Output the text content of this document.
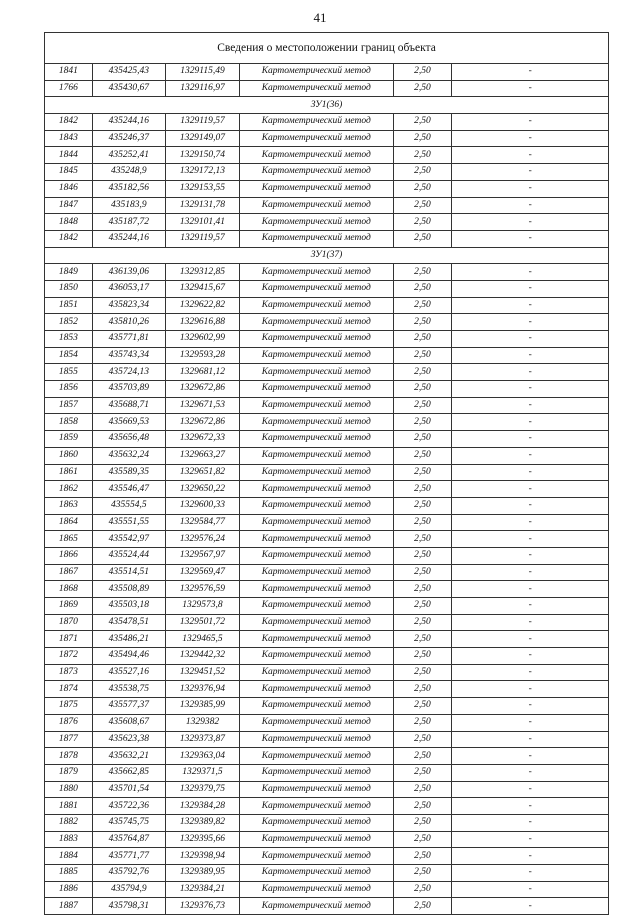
41
Сведения о местоположении границ объекта					
1841	435425,43	1329115,49	Картометрический метод	2,50	-
1766	435430,67	1329116,97	Картометрический метод	2,50	-
ЗУ1(36)					
1842	435244,16	1329119,57	Картометрический метод	2,50	-
1843	435246,37	1329149,07	Картометрический метод	2,50	-
1844	435252,41	1329150,74	Картометрический метод	2,50	-
1845	435248,9	1329172,13	Картометрический метод	2,50	-
1846	435182,56	1329153,55	Картометрический метод	2,50	-
1847	435183,9	1329131,78	Картометрический метод	2,50	-
1848	435187,72	1329101,41	Картометрический метод	2,50	-
1842	435244,16	1329119,57	Картометрический метод	2,50	-
ЗУ1(37)					
1849	436139,06	1329312,85	Картометрический метод	2,50	-
1850	436053,17	1329415,67	Картометрический метод	2,50	-
1851	435823,34	1329622,82	Картометрический метод	2,50	-
1852	435810,26	1329616,88	Картометрический метод	2,50	-
1853	435771,81	1329602,99	Картометрический метод	2,50	-
1854	435743,34	1329593,28	Картометрический метод	2,50	-
1855	435724,13	1329681,12	Картометрический метод	2,50	-
1856	435703,89	1329672,86	Картометрический метод	2,50	-
1857	435688,71	1329671,53	Картометрический метод	2,50	-
1858	435669,53	1329672,86	Картометрический метод	2,50	-
1859	435656,48	1329672,33	Картометрический метод	2,50	-
1860	435632,24	1329663,27	Картометрический метод	2,50	-
1861	435589,35	1329651,82	Картометрический метод	2,50	-
1862	435546,47	1329650,22	Картометрический метод	2,50	-
1863	435554,5	1329600,33	Картометрический метод	2,50	-
1864	435551,55	1329584,77	Картометрический метод	2,50	-
1865	435542,97	1329576,24	Картометрический метод	2,50	-
1866	435524,44	1329567,97	Картометрический метод	2,50	-
1867	435514,51	1329569,47	Картометрический метод	2,50	-
1868	435508,89	1329576,59	Картометрический метод	2,50	-
1869	435503,18	1329573,8	Картометрический метод	2,50	-
1870	435478,51	1329501,72	Картометрический метод	2,50	-
1871	435486,21	1329465,5	Картометрический метод	2,50	-
1872	435494,46	1329442,32	Картометрический метод	2,50	-
1873	435527,16	1329451,52	Картометрический метод	2,50	-
1874	435538,75	1329376,94	Картометрический метод	2,50	-
1875	435577,37	1329385,99	Картометрический метод	2,50	-
1876	435608,67	1329382	Картометрический метод	2,50	-
1877	435623,38	1329373,87	Картометрический метод	2,50	-
1878	435632,21	1329363,04	Картометрический метод	2,50	-
1879	435662,85	1329371,5	Картометрический метод	2,50	-
1880	435701,54	1329379,75	Картометрический метод	2,50	-
1881	435722,36	1329384,28	Картометрический метод	2,50	-
1882	435745,75	1329389,82	Картометрический метод	2,50	-
1883	435764,87	1329395,66	Картометрический метод	2,50	-
1884	435771,77	1329398,94	Картометрический метод	2,50	-
1885	435792,76	1329389,95	Картометрический метод	2,50	-
1886	435794,9	1329384,21	Картометрический метод	2,50	-
1887	435798,31	1329376,73	Картометрический метод	2,50	-
